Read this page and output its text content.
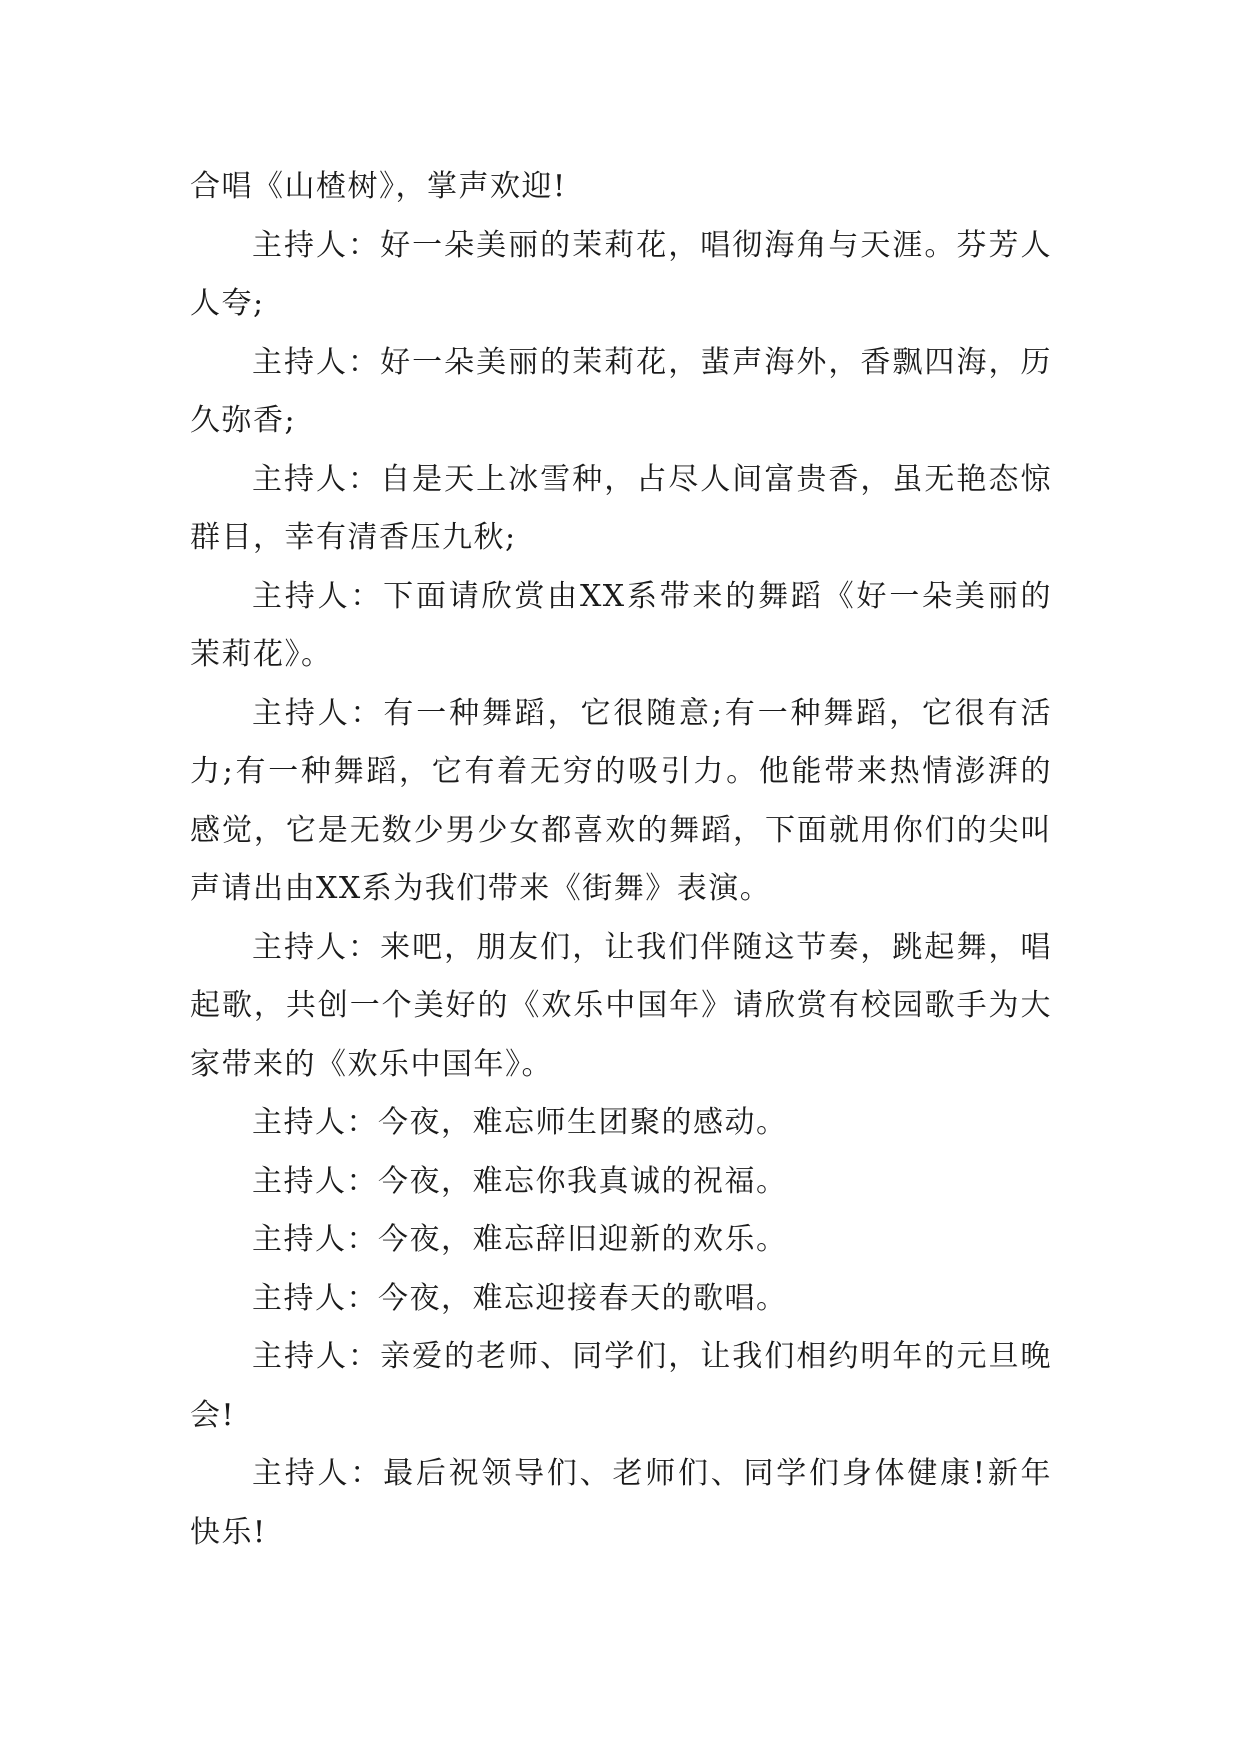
合唱《山楂树》，掌声欢迎!

主持人：好一朵美丽的茉莉花，唱彻海角与天涯。芬芳人人夸;

主持人：好一朵美丽的茉莉花，蜚声海外，香飘四海，历久弥香;

主持人：自是天上冰雪种，占尽人间富贵香，虽无艳态惊群目，幸有清香压九秋;

主持人：下面请欣赏由XX系带来的舞蹈《好一朵美丽的茉莉花》。

主持人：有一种舞蹈，它很随意;有一种舞蹈，它很有活力;有一种舞蹈，它有着无穷的吸引力。他能带来热情澎湃的感觉，它是无数少男少女都喜欢的舞蹈，下面就用你们的尖叫声请出由XX系为我们带来《街舞》表演。

主持人：来吧，朋友们，让我们伴随这节奏，跳起舞，唱起歌，共创一个美好的《欢乐中国年》请欣赏有校园歌手为大家带来的《欢乐中国年》。

主持人：今夜，难忘师生团聚的感动。

主持人：今夜，难忘你我真诚的祝福。

主持人：今夜，难忘辞旧迎新的欢乐。

主持人：今夜，难忘迎接春天的歌唱。

主持人：亲爱的老师、同学们，让我们相约明年的元旦晚会!

主持人：最后祝领导们、老师们、同学们身体健康!新年快乐!
